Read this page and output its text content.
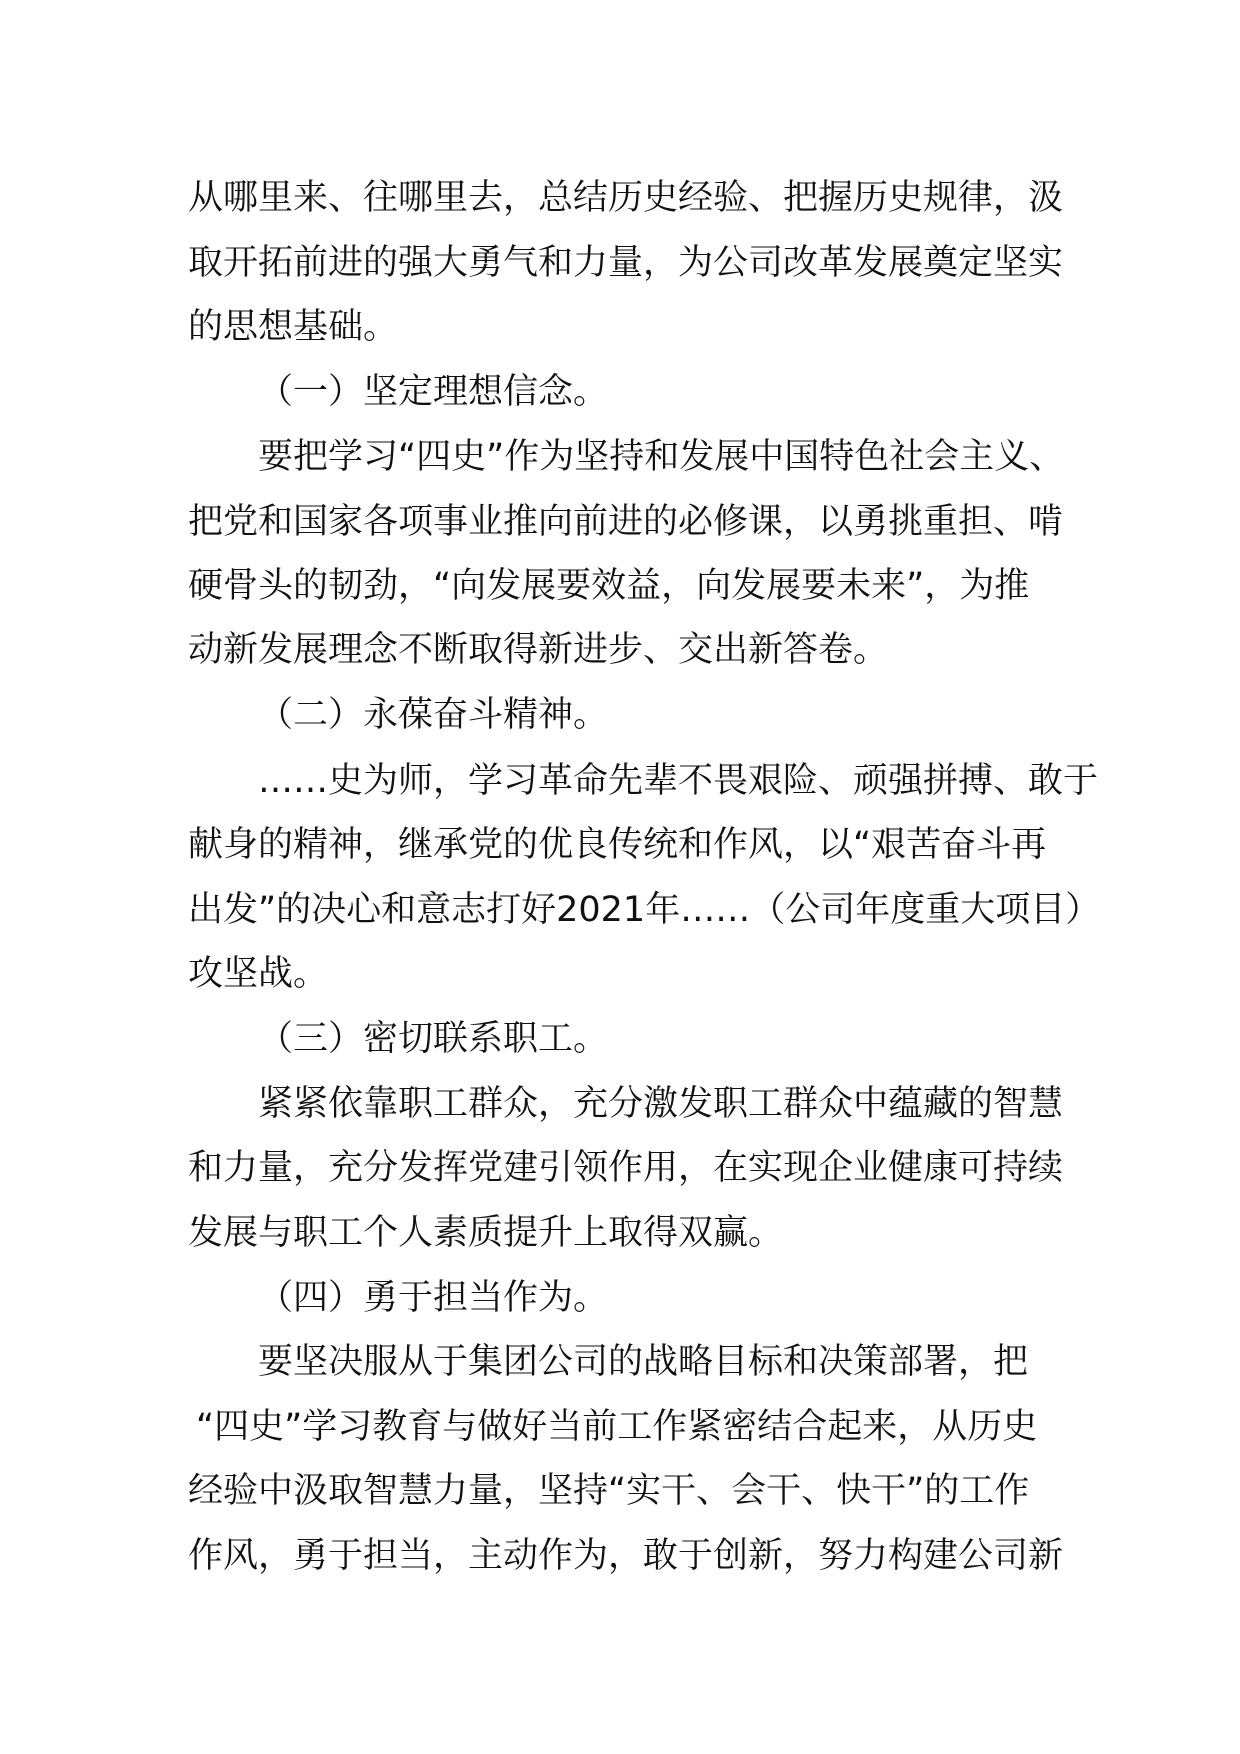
从哪里来、往哪里去，总结历史经验、把握历史规律，汲
取开拓前进的强大勇气和力量，为公司改革发展奠定坚实
的思想基础。
（一）坚定理想信念。
要把学习“四史”作为坚持和发展中国特色社会主义、
把党和国家各项事业推向前进的必修课，以勇挑重担、啃
硬骨头的韧劲，“向发展要效益，向发展要未来”，为推
动新发展理念不断取得新进步、交出新答卷。
（二）永葆奋斗精神。
……史为师，学习革命先辈不畏艰险、顽强拼搏、敢于
献身的精神，继承党的优良传统和作风，以“艰苦奋斗再
出发”的决心和意志打好2021年……（公司年度重大项目）
攻坚战。
（三）密切联系职工。
紧紧依靠职工群众，充分激发职工群众中蕴藏的智慧
和力量，充分发挥党建引领作用，在实现企业健康可持续
发展与职工个人素质提升上取得双赢。
（四）勇于担当作为。
要坚决服从于集团公司的战略目标和决策部署，把
“四史”学习教育与做好当前工作紧密结合起来，从历史
经验中汲取智慧力量，坚持“实干、会干、快干”的工作
作风，勇于担当，主动作为，敢于创新，努力构建公司新
